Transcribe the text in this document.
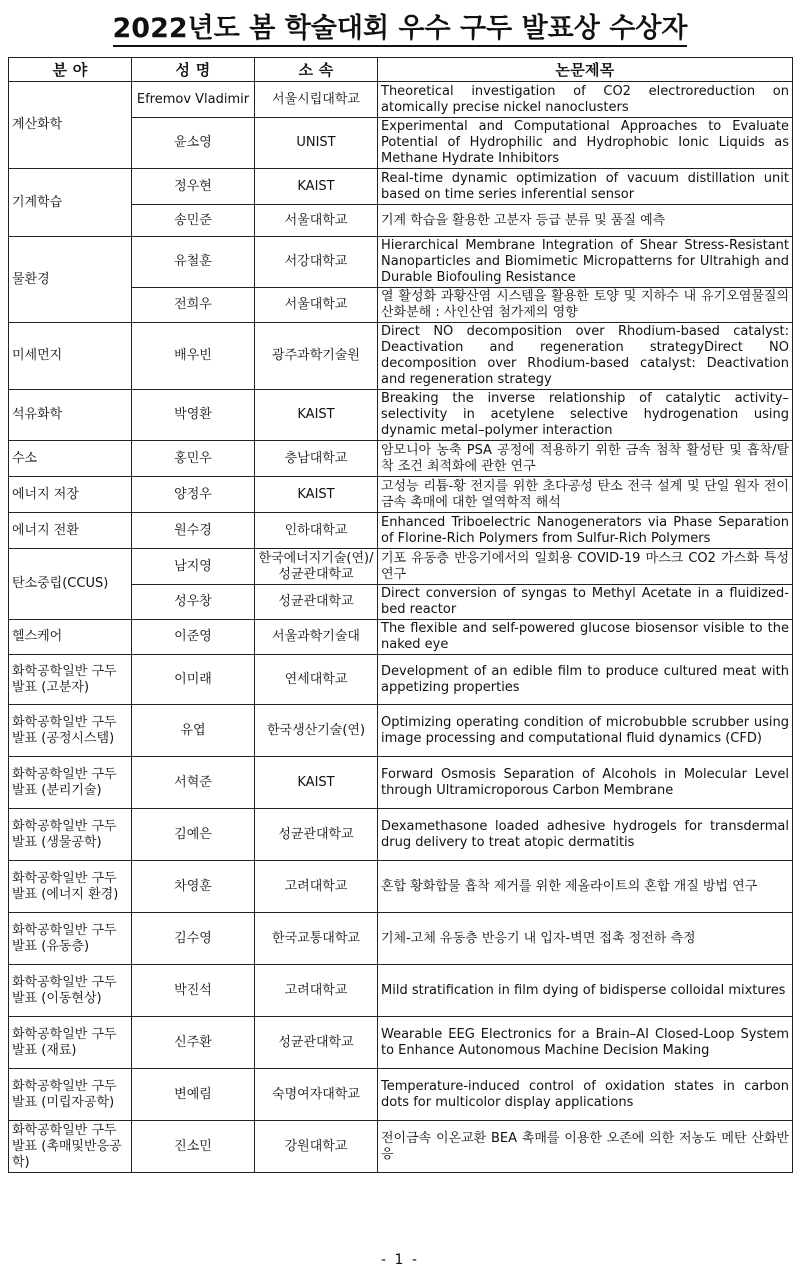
2022년도 봄 학술대회 우수 구두 발표상 수상자
분 야	성 명	소 속	논문제목
계산화학	Efremov Vladimir	서울시립대학교	Theoretical investigation of CO2 electroreduction on atomically precise nickel nanoclusters
	윤소영	UNIST	Experimental and Computational Approaches to Evaluate Potential of Hydrophilic and Hydrophobic Ionic Liquids as Methane Hydrate Inhibitors
기계학습	정우현	KAIST	Real-time dynamic optimization of vacuum distillation unit based on time series inferential sensor
	송민준	서울대학교	기계 학습을 활용한 고분자 등급 분류 및 품질 예측
물환경	유철훈	서강대학교	Hierarchical Membrane Integration of Shear Stress-Resistant Nanoparticles and Biomimetic Micropatterns for Ultrahigh and Durable Biofouling Resistance
	전희우	서울대학교	열 활성화 과황산염 시스템을 활용한 토양 및 지하수 내 유기오염물질의 산화분해 : 사인산염 첨가제의 영향
미세먼지	배우빈	광주과학기술원	Direct NO decomposition over Rhodium-based catalyst: Deactivation and regeneration strategyDirect NO decomposition over Rhodium-based catalyst: Deactivation and regeneration strategy
석유화학	박영환	KAIST	Breaking the inverse relationship of catalytic activity–selectivity in acetylene selective hydrogenation using dynamic metal–polymer interaction
수소	홍민우	충남대학교	암모니아 농축 PSA 공정에 적용하기 위한 금속 첨착 활성탄 및 흡착/탈착 조건 최적화에 관한 연구
에너지 저장	양정우	KAIST	고성능 리튬-황 전지를 위한 초다공성 탄소 전극 설계 및 단일 원자 전이금속 촉매에 대한 열역학적 해석
에너지 전환	원수경	인하대학교	Enhanced Triboelectric Nanogenerators via Phase Separation of Florine-Rich Polymers from Sulfur-Rich Polymers
탄소중립(CCUS)	남지영	한국에너지기술(연)/ 성균관대학교	기포 유동층 반응기에서의 일회용 COVID-19 마스크 CO2 가스화 특성 연구
	성우창	성균관대학교	Direct conversion of syngas to Methyl Acetate in a fluidized-bed reactor
헬스케어	이준영	서울과학기술대	The flexible and self-powered glucose biosensor visible to the naked eye
화학공학일반 구두 발표 (고분자)	이미래	연세대학교	Development of an edible film to produce cultured meat with appetizing properties
화학공학일반 구두 발표 (공정시스템)	유엽	한국생산기술(연)	Optimizing operating condition of microbubble scrubber using image processing and computational fluid dynamics (CFD)
화학공학일반 구두 발표 (분리기술)	서혁준	KAIST	Forward Osmosis Separation of Alcohols in Molecular Level through Ultramicroporous Carbon Membrane
화학공학일반 구두 발표 (생물공학)	김예은	성균관대학교	Dexamethasone loaded adhesive hydrogels for transdermal drug delivery to treat atopic dermatitis
화학공학일반 구두 발표 (에너지 환경)	차영훈	고려대학교	혼합 황화합물 흡착 제거를 위한 제올라이트의 혼합 개질 방법 연구
화학공학일반 구두 발표 (유동층)	김수영	한국교통대학교	기체-고체 유동층 반응기 내 입자-벽면 접촉 정전하 측정
화학공학일반 구두 발표 (이동현상)	박진석	고려대학교	Mild stratification in film dying of bidisperse colloidal mixtures
화학공학일반 구두 발표 (재료)	신주환	성균관대학교	Wearable EEG Electronics for a Brain–AI Closed-Loop System to Enhance Autonomous Machine Decision Making
화학공학일반 구두 발표 (미립자공학)	변예림	숙명여자대학교	Temperature-induced control of oxidation states in carbon dots for multicolor display applications
화학공학일반 구두 발표 (촉매및반응공학)	진소민	강원대학교	전이금속 이온교환 BEA 촉매를 이용한 오존에 의한 저농도 메탄 산화반응
- 1 -
